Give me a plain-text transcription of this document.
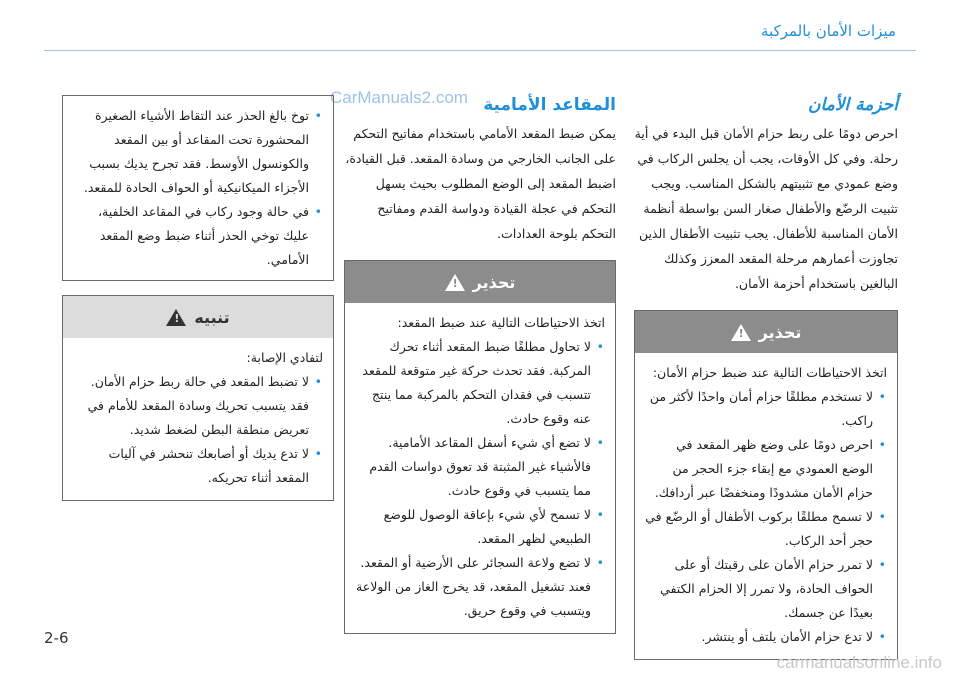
ميزات الأمان بالمركبة
CarManuals2.com	أحزمة الأمان

احرص دومًا على ربط حزام الأمان قبل البدء في أية رحلة. وفي كل الأوقات، يجب أن يجلس الركاب في وضع عمودي مع تثبيتهم بالشكل المناسب. ويجب تثبيت الرضّع والأطفال صغار السن بواسطة أنظمة الأمان المناسبة للأطفال. يجب تثبيت الأطفال الذين تجاوزت أعمارهم مرحلة المقعد المعزز وكذلك البالغين باستخدام أحزمة الأمان.

تحذير
!

اتخذ الاحتياطات التالية عند ضبط حزام الأمان:

• لا تستخدم مطلقًا حزام أمان واحدًا لأكثر من راكب.
• احرص دومًا على وضع ظهر المقعد في الوضع العمودي مع إبقاء جزء الحجر من حزام الأمان مشدودًا ومنخفضًا عبر أردافك.
• لا تسمح مطلقًا بركوب الأطفال أو الرضّع في حجر أحد الركاب.
• لا تمرر حزام الأمان على رقبتك أو على الحواف الحادة، ولا تمرر إلا الحزام الكتفي بعيدًا عن جسمك.
• لا تدع حزام الأمان يلتف أو ينتشر.
المقاعد الأمامية

يمكن ضبط المقعد الأمامي باستخدام مفاتيح التحكم على الجانب الخارجي من وسادة المقعد. قبل القيادة، اضبط المقعد إلى الوضع المطلوب بحيث يسهل التحكم في عجلة القيادة ودواسة القدم ومفاتيح التحكم بلوحة العدادات.

تحذير
!

اتخذ الاحتياطات التالية عند ضبط المقعد:

• لا تحاول مطلقًا ضبط المقعد أثناء تحرك المركبة. فقد تحدث حركة غير متوقعة للمقعد تتسبب في فقدان التحكم بالمركبة مما ينتج عنه وقوع حادث.
• لا تضع أي شيء أسفل المقاعد الأمامية. فالأشياء غير المثبتة قد تعوق دواسات القدم مما يتسبب في وقوع حادث.
• لا تسمح لأي شيء بإعاقة الوصول للوضع الطبيعي لظهر المقعد.
• لا تضع ولاعة السجائر على الأرضية أو المقعد. فعند تشغيل المقعد، قد يخرج الغاز من الولاعة ويتسبب في وقوع حريق.
• توخ بالغ الحذر عند التقاط الأشياء الصغيرة المحشورة تحت المقاعد أو بين المقعد والكونسول الأوسط. فقد تجرح يديك بسبب الأجزاء الميكانيكية أو الحواف الحادة للمقعد.
• في حالة وجود ركاب في المقاعد الخلفية، عليك توخي الحذر أثناء ضبط وضع المقعد الأمامي.
تنبيه
!

لتفادي الإصابة:

• لا تضبط المقعد في حالة ربط حزام الأمان. فقد يتسبب تحريك وسادة المقعد للأمام في تعريض منطقة البطن لضغط شديد.
• لا تدع يديك أو أصابعك تنحشر في آليات المقعد أثناء تحريكه.
2-6
carmanualsonline.info
